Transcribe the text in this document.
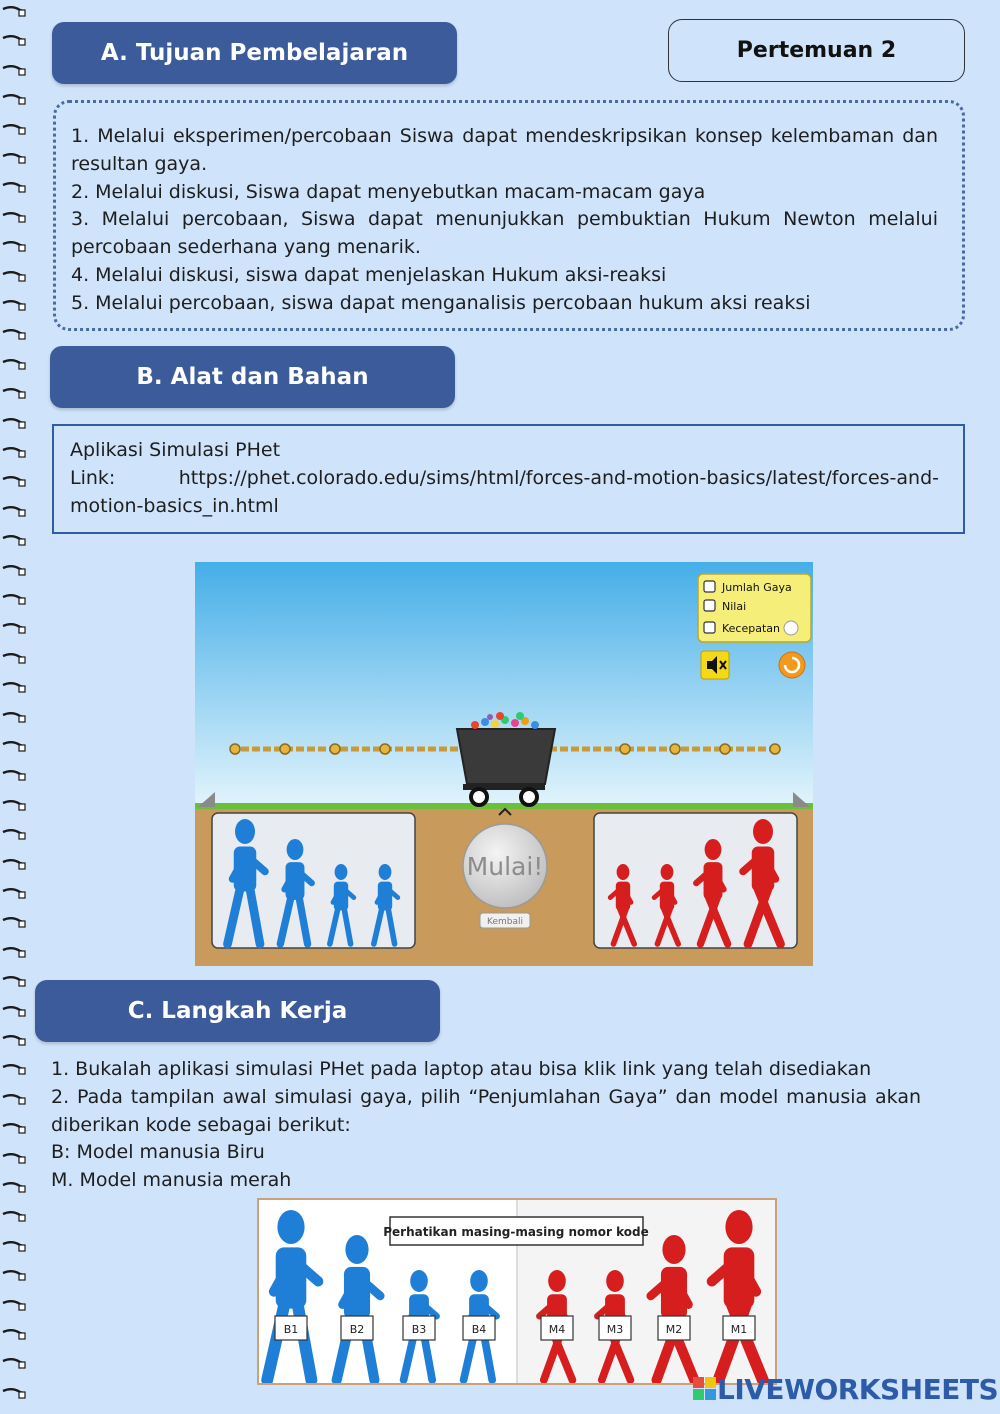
A. Tujuan Pembelajaran	Pertemuan 2

1. Melalui eksperimen/percobaan Siswa dapat mendeskripsikan konsep kelembaman dan resultan gaya.

2. Melalui diskusi, Siswa dapat menyebutkan macam-macam gaya

3. Melalui percobaan, Siswa dapat menunjukkan pembuktian Hukum Newton melalui percobaan sederhana yang menarik.

4. Melalui diskusi, siswa dapat menjelaskan Hukum aksi-reaksi

5. Melalui percobaan, siswa dapat menganalisis percobaan hukum aksi reaksi

B. Alat dan Bahan
Aplikasi Simulasi PHet
Link:	https://phet.colorado.edu/sims/html/forces-and-motion-basics/latest/forces-and-
motion-basics_in.html
Jumlah Gaya
Nilai
Kecepatan
Mulai!
Kembali
C. Langkah Kerja

1. Bukalah aplikasi simulasi PHet pada laptop atau bisa klik link yang telah disediakan

2. Pada tampilan awal simulasi gaya, pilih “Penjumlahan Gaya” dan model manusia akan diberikan kode sebagai berikut:

B: Model manusia Biru

M. Model manusia merah

Perhatikan masing-masing nomor kode
B1	B2	B3	B4	M4	M3	M2	M1
LIVE WORKSHEETS
